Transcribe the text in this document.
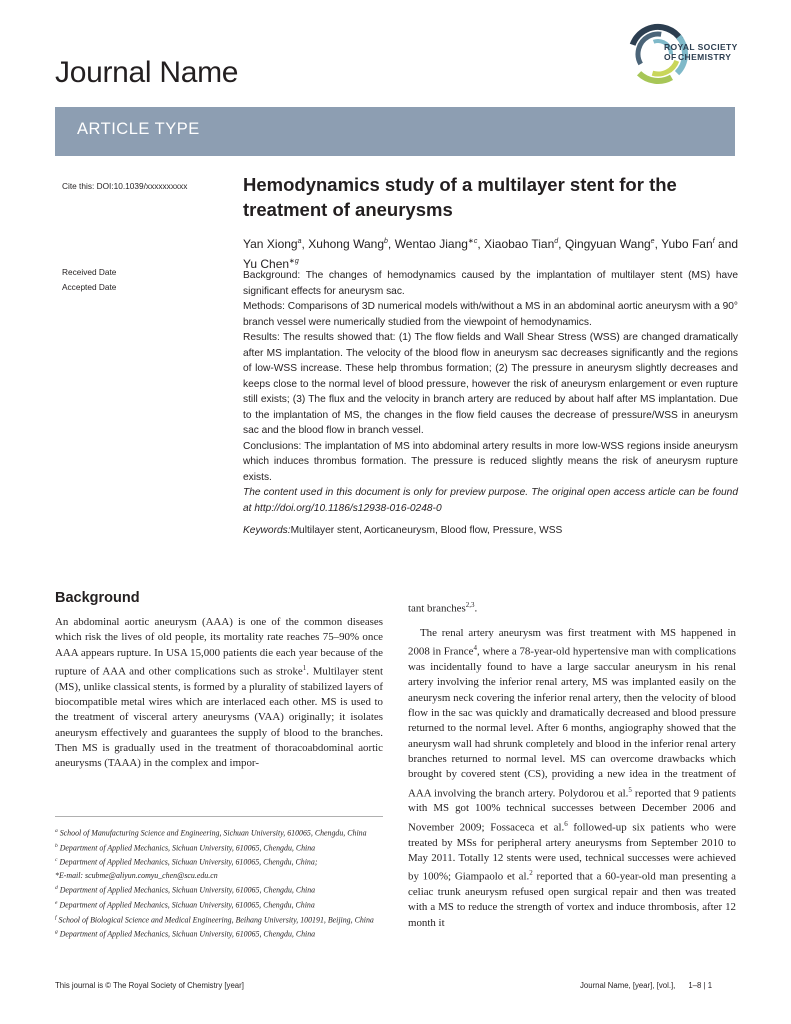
Journal Name
ROYAL SOCIETY
OF CHEMISTRY
ARTICLE TYPE
Cite this: DOI:10.1039/xxxxxxxxxx
Received Date
Accepted Date
Hemodynamics study of a multilayer stent for the treatment of aneurysms
Yan Xiong$^a$, Xuhong Wang$^b$, Wentao Jiang$^{∗c}$, Xiaobao Tian$^d$, Qingyuan Wang$^e$, Yubo Fan$^f$ and Yu Chen$^{∗g}$

Background: The changes of hemodynamics caused by the implantation of multilayer stent (MS) have significant effects for aneurysm sac.

Methods: Comparisons of 3D numerical models with/without a MS in an abdominal aortic aneurysm with a 90° branch vessel were numerically studied from the viewpoint of hemodynamics.

Results: The results showed that: (1) The flow fields and Wall Shear Stress (WSS) are changed dramatically after MS implantation. The velocity of the blood flow in aneurysm sac decreases significantly and the regions of low-WSS increase. These help thrombus formation; (2) The pressure in aneurysm slightly decreases and keeps close to the normal level of blood pressure, however the risk of aneurysm enlargement or even rupture still exists; (3) The flux and the velocity in branch artery are reduced by about half after MS implantation. Due to the implantation of MS, the changes in the flow field causes the decrease of pressure/WSS in aneurysm sac and the blood flow in branch vessel.

Conclusions: The implantation of MS into abdominal artery results in more low-WSS regions inside aneurysm which induces thrombus formation. The pressure is reduced slightly means the risk of aneurysm rupture exists.

The content used in this document is only for preview purpose. The original open access article can be found at http://doi.org/10.1186/s12938-016-0248-0

Keywords:Multilayer stent, Aorticaneurysm, Blood flow, Pressure, WSS

Background

An abdominal aortic aneurysm (AAA) is one of the common diseases which risk the lives of old people, its mortality rate reaches 75–90% once AAA appears rupture. In USA 15,000 patients die each year because of the rupture of AAA and other complications such as stroke$^1$. Multilayer stent (MS), unlike classical stents, is formed by a plurality of stabilized layers of biocompatible metal wires which are interlaced each other. MS is used to the treatment of visceral artery aneurysms (VAA) originally; it isolates aneurysm effectively and guarantees the supply of blood to the branches. Then MS is gradually used in the treatment of thoracoabdominal aortic aneurysms (TAAA) in the complex and impor-

tant branches$^{2,3}$.

The renal artery aneurysm was first treatment with MS happened in 2008 in France$^4$, where a 78-year-old hypertensive man with complications was incidentally found to have a large saccular aneurysm in his renal artery involving the inferior renal artery, MS was implanted easily on the aneurysm neck covering the inferior renal artery, then the velocity of blood flow in the sac was quickly and dramatically decreased and blood pressure returned to the normal level. After 6 months, angiography showed that the aneurysm wall had shrunk completely and blood in the inferior renal artery branches returned to normal level. MS can overcome drawbacks which brought by covered stent (CS), providing a new idea in the treatment of AAA involving the branch artery. Polydorou et al.$^5$ reported that 9 patients with MS got 100% technical successes between December 2006 and November 2009; Fossaceca et al.$^6$ followed-up six patients who were treated by MSs for peripheral artery aneurysms from September 2010 to May 2011. Totally 12 stents were used, technical successes were achieved by 100%; Giampaolo et al.$^2$ reported that a 60-year-old man presenting a celiac trunk aneurysm refused open surgical repair and then was treated with a MS to reduce the strength of vortex and induce thrombosis, after 12 month it

$^a$ School of Manufacturing Science and Engineering, Sichuan University, 610065, Chengdu, China
$^b$ Department of Applied Mechanics, Sichuan University, 610065, Chengdu, China
$^c$ Department of Applied Mechanics, Sichuan University, 610065, Chengdu, China;
*E-mail: scubme@aliyun.comyu_chen@scu.edu.cn
$^d$ Department of Applied Mechanics, Sichuan University, 610065, Chengdu, China
$^e$ Department of Applied Mechanics, Sichuan University, 610065, Chengdu, China
$^f$ School of Biological Science and Medical Engineering, Beihang University, 100191, Beijing, China
$^g$ Department of Applied Mechanics, Sichuan University, 610065, Chengdu, China
This journal is © The Royal Society of Chemistry [year]	Journal Name, [year], [vol.], 1–8 | 1
